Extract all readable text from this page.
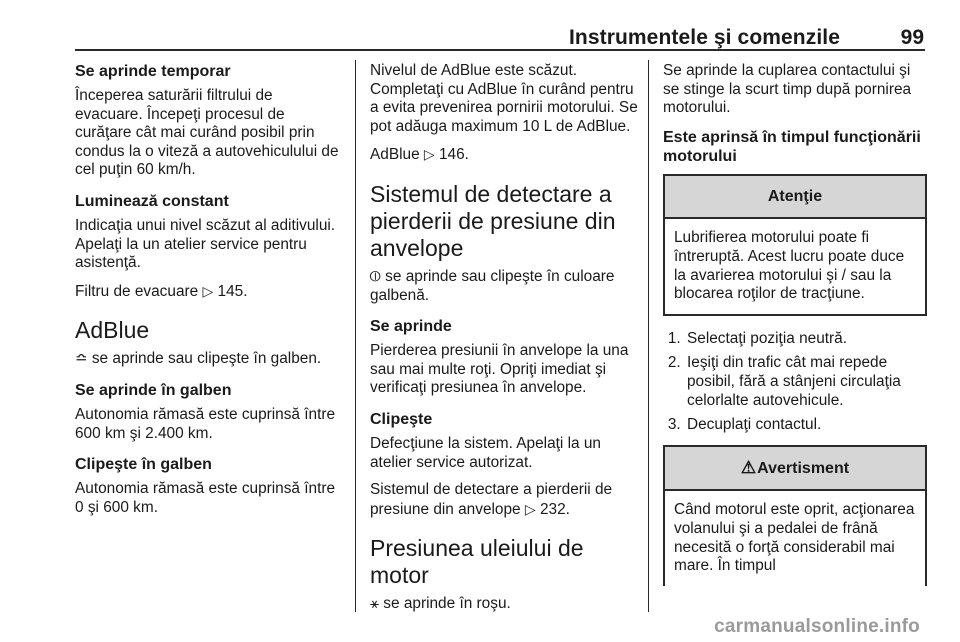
Instrumentele şi comenzile	99
Se aprinde temporar
Începerea saturării filtrului de evacuare. Începeţi procesul de curăţare cât mai curând posibil prin condus la o viteză a autovehiculului de cel puţin 60 km/h.
Luminează constant
Indicaţia unui nivel scăzut al aditivului. Apelaţi la un atelier service pentru asistenţă.
Filtru de evacuare ▷ 145.
AdBlue
≏ se aprinde sau clipeşte în galben.
Se aprinde în galben
Autonomia rămasă este cuprinsă între 600 km şi 2.400 km.
Clipeşte în galben
Autonomia rămasă este cuprinsă între 0 şi 600 km.
Nivelul de AdBlue este scăzut. Completaţi cu AdBlue în curând pentru a evita prevenirea pornirii motorului. Se pot adăuga maximum 10 L de AdBlue.
AdBlue ▷ 146.
Sistemul de detectare a pierderii de presiune din anvelope
⦶ se aprinde sau clipeşte în culoare galbenă.
Se aprinde
Pierderea presiunii în anvelope la una sau mai multe roţi. Opriţi imediat şi verificaţi presiunea în anvelope.
Clipeşte
Defecţiune la sistem. Apelaţi la un atelier service autorizat.
Sistemul de detectare a pierderii de presiune din anvelope ▷ 232.
Presiunea uleiului de motor
⚹ se aprinde în roşu.
Se aprinde la cuplarea contactului şi se stinge la scurt timp după pornirea motorului.
Este aprinsă în timpul funcţionării motorului
Atenţie
Lubrifierea motorului poate fi întreruptă. Acest lucru poate duce la avarierea motorului şi / sau la blocarea roţilor de tracţiune.
1. Selectaţi poziţia neutră.
2. Ieşiţi din trafic cât mai repede posibil, fără a stânjeni circulaţia celorlalte autovehicule.
3. Decuplaţi contactul.
⚠Avertisment
Când motorul este oprit, acţionarea volanului şi a pedalei de frână necesită o forţă considerabil mai mare. În timpul
carmanualsonline.info
